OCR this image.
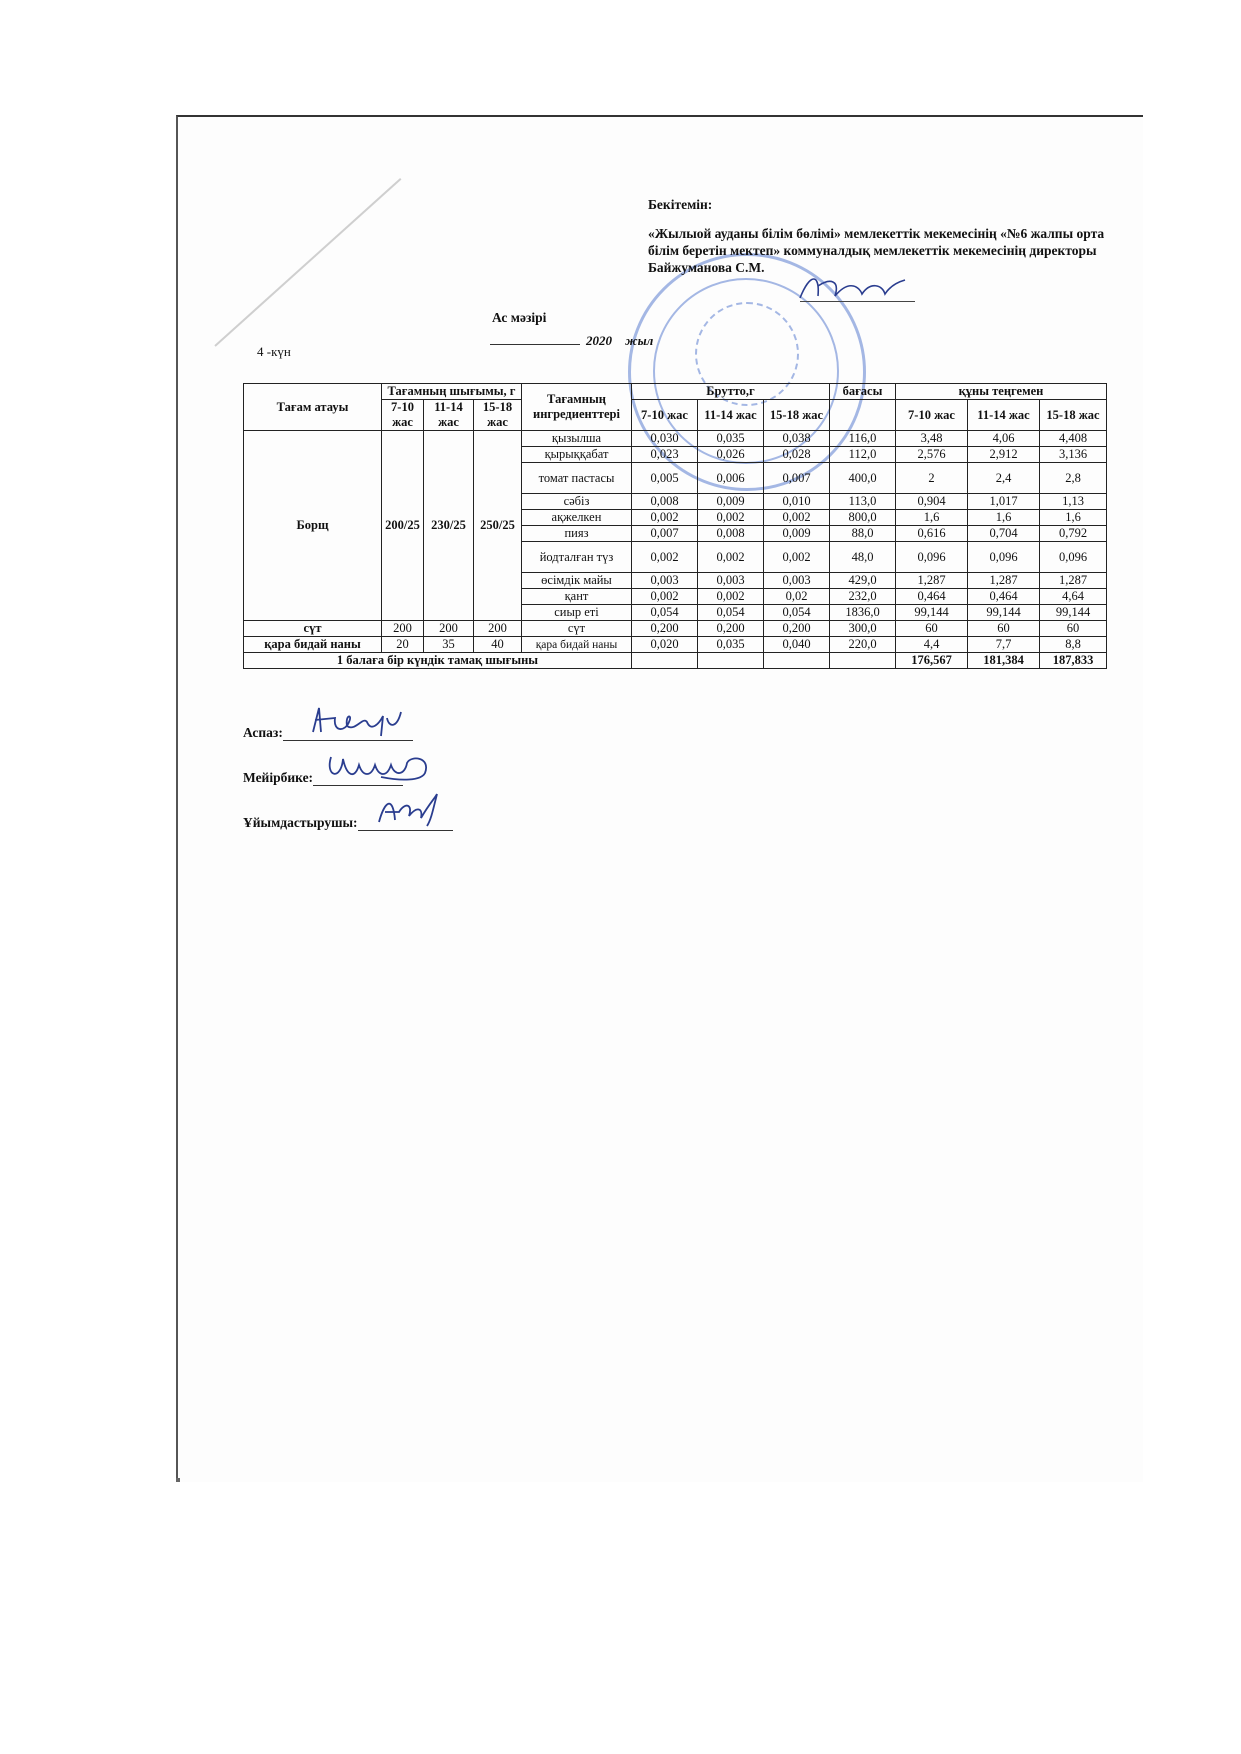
Бекітемін:
«Жылыой ауданы білім бөлімі» мемлекеттік мекемесінің «№6 жалпы орта
білім беретін мектеп» коммуналдық мемлекеттік мекемесінің директоры
Байжуманова С.М.
Ас мәзірі
2020 жыл
4 -күн
Тағам атауы	Тағамның шығымы, г			Тағамның ингредиенттері	Брутто,г			бағасы	құны теңгемен		
	7-10 жас	11-14 жас	15-18 жас		7-10 жас	11-14 жас	15-18 жас		7-10 жас	11-14 жас	15-18 жас
Борщ	200/25	230/25	250/25	қызылша	0,030	0,035	0,038	116,0	3,48	4,06	4,408
				қырыққабат	0,023	0,026	0,028	112,0	2,576	2,912	3,136
				томат пастасы	0,005	0,006	0,007	400,0	2	2,4	2,8
				сәбіз	0,008	0,009	0,010	113,0	0,904	1,017	1,13
				ақжелкен	0,002	0,002	0,002	800,0	1,6	1,6	1,6
				пияз	0,007	0,008	0,009	88,0	0,616	0,704	0,792
				йодталған түз	0,002	0,002	0,002	48,0	0,096	0,096	0,096
				өсімдік майы	0,003	0,003	0,003	429,0	1,287	1,287	1,287
				қант	0,002	0,002	0,02	232,0	0,464	0,464	4,64
				сиыр еті	0,054	0,054	0,054	1836,0	99,144	99,144	99,144
сүт	200	200	200	сүт	0,200	0,200	0,200	300,0	60	60	60
қара бидай наны	20	35	40	қара бидай наны	0,020	0,035	0,040	220,0	4,4	7,7	8,8
1 балаға бір күндік тамақ шығыны									176,567	181,384	187,833
Аспаз:
Мейірбике:
Ұйымдастырушы:
